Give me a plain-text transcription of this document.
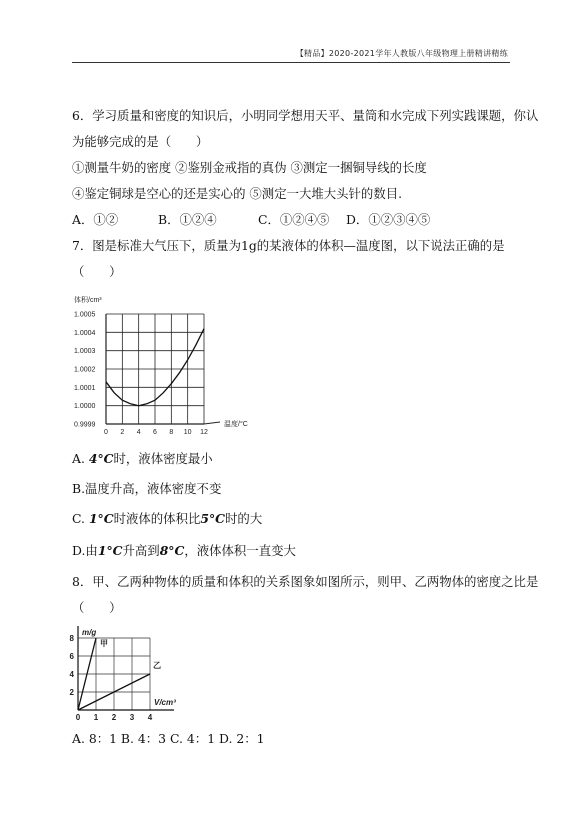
【精品】2020-2021学年人教版八年级物理上册精讲精练
6．学习质量和密度的知识后，小明同学想用天平、量筒和水完成下列实践课题，你认
为能够完成的是（　　）
①测量牛奶的密度 ②鉴别金戒指的真伪 ③测定一捆铜导线的长度
④鉴定铜球是空心的还是实心的 ⑤测定一大堆大头针的数目.
A．①②	B．①②④	C．①②④⑤ D．①②③④⑤
7．图是标准大气压下，质量为1g的某液体的体积—温度图，以下说法正确的是
（　　）
0 2 4 6 8 10 12
0.9999
1.0000
1.0001
1.0002
1.0003
1.0004
1.0005
体积/cm³
温度/°C
A. 4°C时，液体密度最小
B.温度升高，液体密度不变
C. 1°C时液体的体积比5°C时的大
D.由1°C升高到8°C，液体体积一直变大
8．甲、乙两种物体的质量和体积的关系图象如图所示，则甲、乙两物体的密度之比是
（　　）
0 1 2 3 4
2
4
6
8
m/g
V/cm³
甲
乙
A. 8：1 B. 4：3 C. 4：1 D. 2：1
